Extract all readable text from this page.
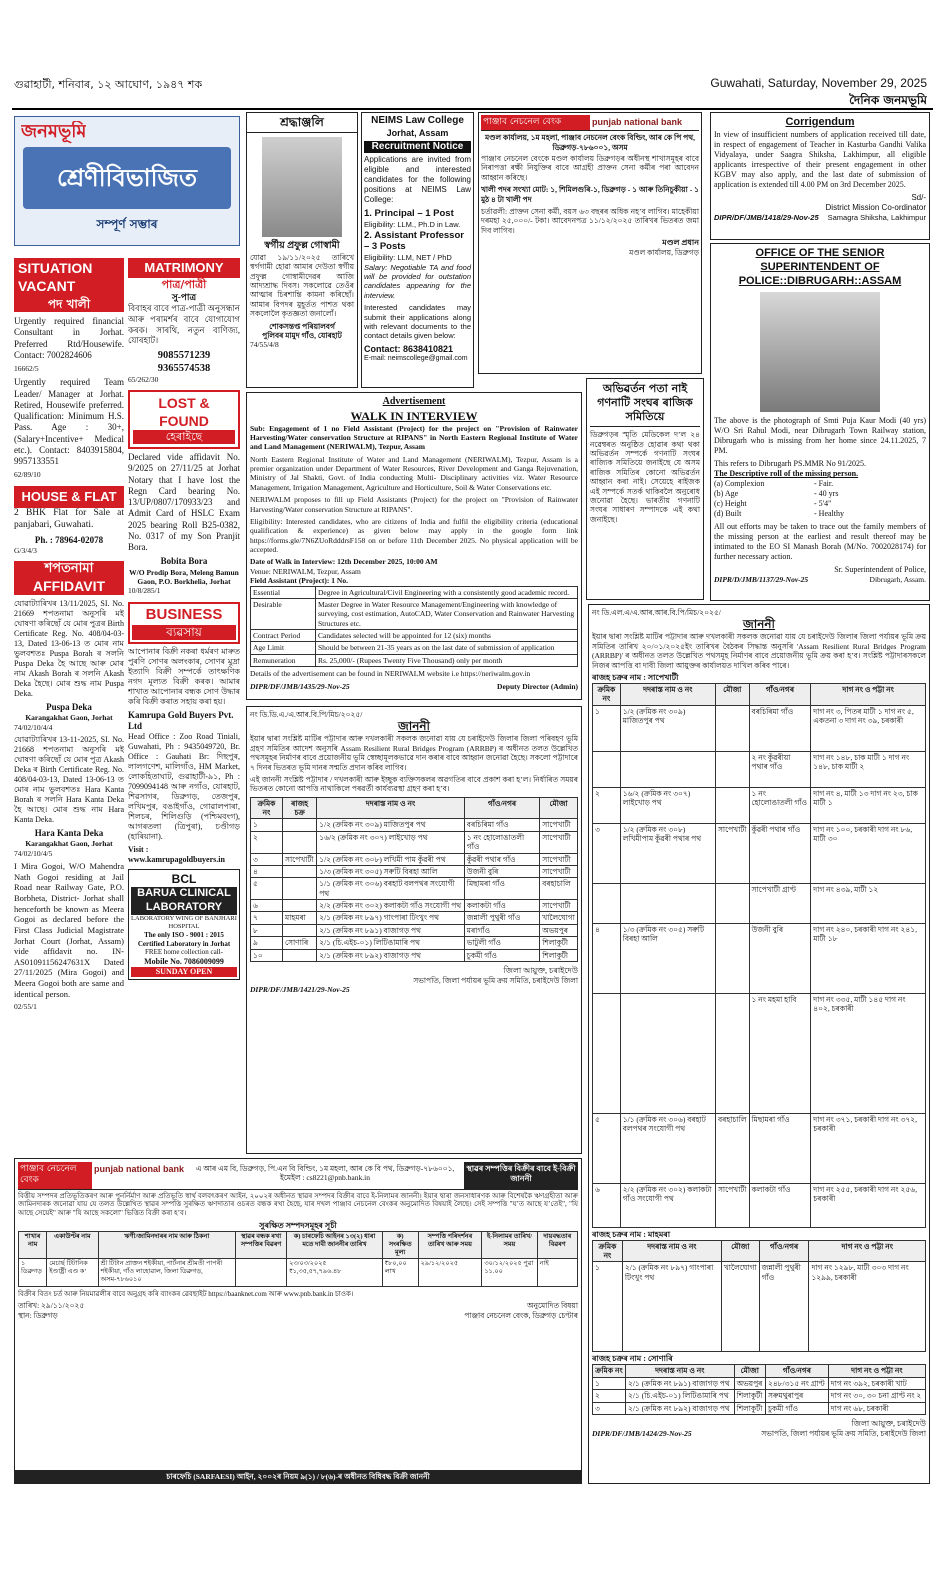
গুৱাহাটী, শনিবাৰ, ১২ আঘোণ, ১৯৪৭ শক	Guwahati, Saturday, November 29, 2025
দৈনিক জনমভূমি
জনমভূমি
শ্ৰেণীবিভাজিত
সম্পূৰ্ণ সম্ভাৰ
SITUATION VACANT
পদ খালী

Urgently required financial Consultant in Jorhat. Preferred Rtd/Housewife. Contact: 7002824606

16662/5

Urgently required Team Leader/ Manager at Jorhat. Retired, Housewife preferred. Qualification: Minimum H.S. Pass. Age : 30+, (Salary+Incentive+ Medical etc.). Contact: 8403915804, 9957133551

62/89/10
HOUSE & FLAT

2 BHK Flat for Sale at panjabari, Guwahati.

Ph. : 78964-02078
G/3/4/3
শপতনামা
AFFIDAVIT

যোৱাট্যাৰিখৰ 13/11/2025, SI. No. 21669 শপতনামা অনুসৰি মই ঘোষণা কৰিছোঁ যে মোৰ পুত্ৰৰ Birth Certificate Reg. No. 408/04-03-13, Dated 13-06-13 ত মোৰ নাম ভুলবশতঃ Puspa Borah ৰ সলনি Puspa Deka হৈ আছে আৰু মোৰ নাম Akash Borah ৰ সলনি Akash Deka হৈছে। মোৰ শুদ্ধ নাম Puspa Deka.

Puspa Deka
Karangakhat Gaon, Jorhat
74/02/10/4/4

যোৱাট্যাৰিখৰ 13-11-2025, SI. No. 21668 শপতনামা অনুসৰি মই ঘোষণা কৰিছোঁ যে মোৰ পুত্ৰ Akash Deka ৰ Birth Certificate Reg. No. 408/04-03-13, Dated 13-06-13 ত মোৰ নাম ভুলবশতঃ Hara Kanta Borah ৰ সলনি Hara Kanta Deka হৈ আছে। মোৰ শুদ্ধ নাম Hara Kanta Deka.

Hara Kanta Deka
Karangakhat Gaon, Jorhat
74/02/10/4/5

I Mira Gogoi, W/O Mahendra Nath Gogoi residing at Jail Road near Railway Gate, P.O. Borbheta, District- Jorhat shall henceforth be known as Meera Gogoi as declared before the First Class Judicial Magistrate Jorhat Court (Jorhat, Assam) vide affidavit no. IN-AS01091156247631X Dated 27/11/2025 (Mira Gogoi) and Meera Gogoi both are same and identical person.

02/55/1
MATRIMONY
পাত্ৰ/পাত্ৰী
সু-পাত্ৰ

বিবাহৰ বাবে পাত্ৰ-পাত্ৰী অনুসন্ধান আৰু পৰামৰ্শৰ বাবে যোগাযোগ কৰক। সাৰথি, নতুন বাণিজ্য, যোৰহাট।

9085571239
9365574538
65/262/30
LOST & FOUND
হেৰাইছে

Declared vide affidavit No. 9/2025 on 27/11/25 at Jorhat Notary that I have lost the Regn Card bearing No. 13/UP/0807/170933/23 and Admit Card of HSLC Exam 2025 bearing Roll B25-0382, No. 0317 of my Son Pranjit Bora.

Bobita Bora
W/O Prodip Bora, Meleng Bamun Gaon, P.O. Borkhelia, Jorhat
10/8/285/1
BUSINESS
ব্যৱসায়

আপোনাৰ বিক্ৰী নকৰা ধৰ্মৰণ মাৰুত পুৰণি সোণৰ অলংকাৰ, সোণৰ মুদ্ৰা ইত্যাদি বিক্ৰী সম্পৰ্কে তাৎক্ষণিক নগদ মূল্যত বিক্ৰী কৰক। আমাৰ শাখাত আপোনাৰ বন্ধক সোণ উদ্ধাৰ কৰি বিক্ৰী কৰাত সহায় কৰা হয়।

Kamrupa Gold Buyers Pvt. Ltd

Head Office : Zoo Road Tiniali, Guwahati, Ph : 9435049720, Br. Office : Gauhati Br: দিছপুৰ, লালগণেশ, মালিগাঁও, HM Market, লোকহিতাঘাট, গুৱাহাটী-৯১, Ph : 7099094148 আৰু নগাঁও, যোৰহাট, শিৱসাগৰ, ডিব্ৰুগড়, তেজপুৰ, লখিমপুৰ, বঙাইগাঁও, গোৱালপাৰা, শিলচৰ, শিলিগুড়ি (পশ্চিমবংগ), আগৰতলা (ত্ৰিপুৰা), চণ্ডীগড় (হাৰিয়ানা).

Visit : www.kamrupagoldbuyers.in
BCL
BARUA CLINICAL LABORATORY
LABORATORY WING OF BANJHARI HOSPITAL
The only ISO - 9001 : 2015 Certified Laboratory in Jorhat
FREE home collection call-
Mobile No. 7086009099
SUNDAY OPEN
শ্ৰদ্ধাঞ্জলি
স্বৰ্গীয় প্ৰফুল্ল গোস্বামী

যোৱা ১৯/১১/২০২৫ তাৰিখে স্বৰ্গগামী হোৱা আমাৰ দেউতা স্বৰ্গীয় প্ৰফুল্ল গোস্বামীদেৱৰ আজি আদ্যশ্ৰাদ্ধ দিবস। সকলোৱে তেওঁৰ আত্মাৰ চিৰশান্তি কামনা কৰিছোঁ। আমাৰ বিপদৰ মুহূৰ্তত পাশত থকা সকলোলৈ কৃতজ্ঞতা জনালোঁ।

শোকসন্তপ্ত পৰিয়ালবৰ্গ
পুলিবৰ মামুদ গাঁও, যোৰহাট
74/55/4/8
NEIMS Law College
Jorhat, Assam
Recruitment Notice

Applications are invited from eligible and interested candidates for the following positions at NEIMS Law College:

1. Principal – 1 Post
Eligibility: LLM., Ph.D in Law.
2. Assistant Professor – 3 Posts
Eligibility: LLM, NET / PhD

Salary: Negotiable TA and food will be provided for outstation candidates appearing for the interview.

Interested candidates may submit their applications along with relevant documents to the contact details given below:

Contact: 8638410821
E-mail: neimscollege@gmail.com
পাঞ্জাব নেচনেল বেংক	punjab national bank
মণ্ডল কাৰ্যালয়, ১ম মহলা, পাঞ্জাব নেচনেল বেংক বিল্ডিং, আৰ কে পি পথ, ডিব্ৰুগড়-৭৮৬০০১, অসম

পাঞ্জাব নেচনেল বেংকে মণ্ডল কাৰ্যালয় ডিব্ৰুগড়ৰ অধীনস্থ শাখাসমূহৰ বাবে নিৰাপত্তা ৰক্ষী নিযুক্তিৰ বাবে আগ্ৰহী প্ৰাক্তন সেনা কৰ্মীৰ পৰা আবেদন আহ্বান কৰিছে।

খালী পদৰ সংখ্যা মোট: ১, শিমিলগুৰি-১, ডিব্ৰুগড় - ১ আৰু তিনিচুকীয়া - ১ মুঠ ৪ টা খালী পদ

চৰ্তাৱলী: প্ৰাক্তন সেনা কৰ্মী, বয়স ৬৩ বছৰৰ অধিক নহ’ব লাগিব। মাহেকীয়া দৰমহা ২৫,০০০/- টকা। আবেদনপত্ৰ ১১/১২/২০২৫ তাৰিখৰ ভিতৰত জমা দিব লাগিব।

মণ্ডল প্ৰধান
মণ্ডল কাৰ্যালয়, ডিব্ৰুগড়
Corrigendum

In view of insufficient numbers of application received till date, in respect of engagement of Teacher in Kasturba Gandhi Valika Vidyalaya, under Saagra Shiksha, Lakhimpur, all eligible applicants irrespective of their present engagement in other KGBV may also apply, and the last date of submission of application is extended till 4.00 PM on 3rd December 2025.

Sd/-
District Mission Co-ordinator
DIPR/DF/JMB/1418/29-Nov-25 Samagra Shiksha, Lakhimpur
OFFICE OF THE SENIOR SUPERINTENDENT OF POLICE::DIBRUGARH::ASSAM

The above is the photograph of Smti Puja Kaur Modi (40 yrs) W/O Sri Rahul Modi, near Dibrugarh Town Railway station, Dibrugarh who is missing from her home since 24.11.2025, 7 PM.

This refers to Dibrugarh PS.MMR No 91/2025.
The Descriptive roll of the missing person.
(a) Complexion	- Fair.
(b) Age	- 40 yrs
(c) Height	- 5'4"
(d) Built	- Healthy

All out efforts may be taken to trace out the family members of the missing person at the earliest and result thereof may be intimated to the EO SI Manash Borah (M/No. 7002028174) for further necessary action.

Sr. Superintendent of Police,
DIPR/D/JMB/1137/29-Nov-25	Dibrugarh, Assam.
অভিৱৰ্তন পতা নাই গণনাটি সংঘৰ ৰাজিক সমিতিয়ে

ডিব্ৰুগড়ৰ স্মৃতি মেডিকেল দ’ল ২৪ নৱেম্বৰত অনুষ্ঠিত হোৱাৰ কথা থকা অভিৱৰ্তন সম্পৰ্কে গণনাটি সংঘৰ ৰাজ্যিক সমিতিয়ে জনাইছে যে অসম ৰাজিক সমিতিৰ কোনো অভিৱৰ্তন আহ্বান কৰা নাই। সেয়েহে ৰাইজক এই সম্পৰ্কে সতৰ্ক থাকিবলৈ অনুৰোধ জনোৱা হৈছে। ভাৰতীয় গণনাটি সংঘৰ সাধাৰণ সম্পাদকে এই কথা জনাইছে।

Advertisement
WALK IN INTERVIEW

Sub: Engagement of 1 no Field Assistant (Project) for the project on "Provision of Rainwater Harvesting/Water conservation Structure at RIPANS" in North Eastern Regional Institute of Water and Land Management (NERIWALM), Tezpur, Assam

North Eastern Regional Institute of Water and Land Management (NERIWALM), Tezpur, Assam is a premier organization under Department of Water Resources, River Development and Ganga Rejuvenation, Ministry of Jal Shakti, Govt. of India conducting Multi- Disciplinary activities viz. Water Resource Management, Irrigation Management, Agriculture and Horticulture, Soil & Water Conservations etc.

NERIWALM proposes to fill up Field Assistants (Project) for the project on "Provision of Rainwater Harvesting/Water conservation Structure at RIPANS".

Eligibility: Interested candidates, who are citizens of India and fulfil the eligibility criteria (educational qualification & experience) as given below may apply in the google form link https://forms.gle/7N6ZUoRdddrsF158 on or before 11th December 2025. No physical application will be accepted.

Date of Walk in Interview: 12th December 2025, 10:00 AM
Venue: NERIWALM, Tezpur, Assam
Field Assistant (Project): 1 No.
Essential	Degree in Agricultural/Civil Engineering with a consistently good academic record.
Desirable	Master Degree in Water Resource Management/Engineering with knowledge of surveying, cost estimation, AutoCAD, Water Conservation and Rainwater Harvesting Structures etc.
Contract Period	Candidates selected will be appointed for 12 (six) months
Age Limit	Should be between 21-35 years as on the last date of submission of application
Remuneration	Rs. 25,000/- (Rupees Twenty Five Thousand) only per month

Details of the advertisement can be found in NERIWALM website i.e https://neriwalm.gov.in

DIPR/DF/JMB/1435/29-Nov-25	Deputy Director (Admin)
নং ডি.ডি.এ./এ.আৰ.বি.পি/মিচ/২০২৫/
জাননী

ইয়াৰ দ্বাৰা সংশ্লিষ্ট মাটিৰ পট্টাদাৰ আৰু দখলকাৰী সকলক জনোৱা যায় যে চৰাইদেউ জিলাৰ জিলা পৰিবহণ ভূমি গ্ৰহণ সমিতিৰ আদেশ অনুসৰি Assam Resilient Rural Bridges Program (ARRBP) ৰ অধীনত তলত উল্লেখিত পথসমূহৰ নিৰ্মাণৰ বাবে প্ৰয়োজনীয় ভূমি স্বেচ্ছামূলকভাৱে দান কৰাৰ বাবে আহ্বান জনোৱা হৈছে। সকলো পট্টাদাৰে ৭ দিনৰ ভিতৰত ভূমি দানৰ সন্মতি প্ৰদান কৰিব লাগিব।

এই জাননী সংশ্লিষ্ট পট্টাদাৰ / দখলকাৰী আৰু ইচ্ছুক ব্যক্তিসকলৰ অৱগতিৰ বাবে প্ৰকাশ কৰা হ’ল। নিৰ্ধাৰিত সময়ৰ ভিতৰত কোনো আপত্তি নাথাকিলে পৰৱৰ্তী কাৰ্যব্যৱস্থা গ্ৰহণ কৰা হ’ব।

ক্ৰমিক নং	ৰাজহ চক্ৰ	দদৰাস্ত নাম ও নং	গাঁও/নগৰ	মৌজা
১		১/২ (ক্ৰমিক নং ৩০৯) মাজিতপুৰ পথ	বৰচিৰিমা গাঁও	সাপেখাটী
২		১৬/২ (ক্ৰমিক নং ৩০৭) লাইখোড় পথ	১ নং হোলোঙাতলী গাঁও	সাপেখাটী
৩	সাপেখাটী	১/২ (ক্ৰমিক নং ৩০৮) লখিমী পাম কুঁৱৰী পথ	কুঁৱৰী পথাৰ গাঁও	সাপেখাটী
৪		১/৩ (ক্ৰমিক নং ৩০৫) সৰুটি বিৰহা আলি	উজনী বুৰি	সাপেখাটী
৫		১/১ (ক্ৰমিক নং ৩০৬) বৰহাট বলপথৰ সংযোগী পথ	মিছামৰা গাঁও	বৰহাচালি
৬		২/২ (ক্ৰমিক নং ৩০২) কলাকটা গাঁও সংযোগী পথ	কলাকটা গাঁও	সাপেখাটী
৭	মাহমৰা	২/১ (ক্ৰমিক নং ৮৯৭) গাংপাৰা টিংখুং পথ	জন্নালী পুথুৰী গাঁও	খালৈঘোগা
৮		২/১ (ক্ৰমিক নং ৮৯১) বাজাগড় পথ	মৰাগাঁও	অভয়পুৰ
৯	সোণাৰি	২/১ (চি.এইচ-০১) লিটিঙামাৰি পথ	ভাটুলী গাঁও	শিলাকুটী
১০		২/১ (ক্ৰমিক নং ৮৯২) বাজাগড় পথ	চুকমী গাঁও	শিলাকুটী
জিলা আয়ুক্ত, চৰাইদেউ
সভাপতি, জিলা পৰ্যায়ৰ ভূমি ক্ৰয় সমিতি, চৰাইদেউ জিলা
DIPR/DF/JMB/1421/29-Nov-25
নং ডি.এল.এ/এ.আৰ.আৰ.বি.পি/মিচ/২০২৫/
জাননী

ইয়াৰ দ্বাৰা সংশ্লিষ্ট মাটিৰ পট্টাদাৰ আৰু দখলকাৰী সকলক জনোৱা যায় যে চৰাইদেউ জিলাৰ জিলা পৰ্যায়ৰ ভূমি ক্ৰয় সমিতিৰ তাৰিখ ২০/০১/২০২৫ইং তাৰিখৰ বৈঠকৰ সিদ্ধান্ত অনুসৰি 'Assam Resilient Rural Bridges Program (ARRBP)' ৰ অধীনত তলত উল্লেখিত পথসমূহ নিৰ্মাণৰ বাবে প্ৰয়োজনীয় ভূমি ক্ৰয় কৰা হ’ব। সংশ্লিষ্ট পট্টাদাৰসকলে নিজৰ আপত্তি বা দাবী জিলা আয়ুক্তৰ কাৰ্যালয়ত দাখিল কৰিব পাৰে।

ৰাজহ চক্ৰৰ নাম : সাপেখাটী
ক্ৰমিক নং	দদৰাস্ত নাম ও নং	মৌজা	গাঁও/নগৰ	দাগ নং ও পট্টা নং
১	১/২ (ক্ৰমিক নং ৩০৯) মাজিতপুৰ পথ		বৰচিৰিমা গাঁও	দাগ নং ৩, পিতৰ মাটী ১ দাগ নং ৫, একতনা ৩ দাগ নং ৩৯, চৰকাৰী
			২ নং কুঁৱৰীয়া পথাৰ গাঁও	দাগ নং ১৪৮, চাক মাটী ১ দাগ নং ১৪৮, চাক মাটী ২
২	১৬/২ (ক্ৰমিক নং ৩০৭) লাইখোড় পথ		১ নং হোলোঙাতলী গাঁও	দাগ নং ৪, মাটী ১৩ দাগ নং ২৩, চাক মাটী ১
৩	১/২ (ক্ৰমিক নং ৩০৮) লখিমীপাম কুঁৱৰী পথাৰ পথ	সাপেখাটী	কুঁৱৰী পথাৰ গাঁও	দাগ নং ১০০, চৰকাৰী দাগ নং ৮৬, মাটী ৩০
			সাপেখাটী গ্ৰাণ্ট	দাগ নং ৪৩৯, মাটী ১২
৪	১/৩ (ক্ৰমিক নং ৩০৫) সৰুটি বিৰহা আলি		উজনী বুৰি	দাগ নং ২৪০, চৰকাৰী দাগ নং ২৪১, মাটী ১৮
			১ নং মহমা হাবি	দাগ নং ৩৩৫, মাটী ১৪৫ দাগ নং ৪০২, চৰকাৰী
৫	১/১ (ক্ৰমিক নং ৩০৬) বৰহাট বলপথৰ সংযোগী পথ	বৰহাচালি	মিছামৰা গাঁও	দাগ নং ৩৭১, চৰকাৰী দাগ নং ৩৭২, চৰকাৰী
৬	২/২ (ক্ৰমিক নং ৩০২) কলাকটা গাঁও সংযোগী পথ	সাপেখাটী	কলাকটা গাঁও	দাগ নং ২৫৫, চৰকাৰী দাগ নং ২৫৬, চৰকাৰী
ৰাজহ চক্ৰৰ নাম : মাহমৰা
ক্ৰমিক নং	দদৰাস্ত নাম ও নং	মৌজা	গাঁও/নগৰ	দাগ নং ও পট্টা নং
১	২/১ (ক্ৰমিক নং ৮৯৭) গাংপাৰা টিংখুং পথ	খালৈঘোগা	জন্নালী পুথুৰী গাঁও	দাগ নং ১২৯৮, মাটী ৩০৩ দাগ নং ১২৯৯, চৰকাৰী
ৰাজহ চক্ৰৰ নাম : সোণাৰি
ক্ৰমিক নং	দদৰাস্ত নাম ও নং	মৌজা	গাঁও/নগৰ	দাগ নং ও পট্টা নং
১	২/১ (ক্ৰমিক নং ৮৯১) বাজাগড় পথ	অভয়পুৰ	২৪৮/৩১৫ নং গ্ৰাণ্ট	দাগ নং ৩৯২, চৰকাৰী খাট
২	২/১ (চি.এইচ-০১) লিটিঙামাৰি পথ	শিলাকুটী	সৰুমথুৰাপুৰ	দাগ নং ৩০, ৩০ চনা গ্ৰাণ্ট নং ২
৩	২/১ (ক্ৰমিক নং ৮৯২) বাজাগড় পথ	শিলাকুটী	চুকমী গাঁও	দাগ নং ৬৮, চৰকাৰী
জিলা আয়ুক্ত, চৰাইদেউ
DIPR/DF/JMB/1424/29-Nov-25	সভাপতি, জিলা পৰ্যায়ৰ ভূমি ক্ৰয় সমিতি, চৰাইদেউ জিলা
পাঞ্জাব নেচনেল বেংক
punjab national bank	এ আৰ এম বি, ডিব্ৰুগড়, পি.এন বি বিল্ডিং, ১ম মহলা, আৰ কে বি পথ, ডিব্ৰুগড়-৭৮৬০০১, ইমেইল : cs8221@pnb.bank.in
স্থাৱৰ সম্পত্তিৰ বিক্ৰীৰ বাবে ই-বিক্ৰী জাননী

বিত্তীয় সম্পদৰ প্ৰতিভূতিকৰণ আৰু পুনৰ্নিৰ্মাণ আৰু প্ৰতিভূতি স্বাৰ্থ বলবৎকৰণ আইন, ২০০২ৰ অধীনত স্থাৱৰ সম্পদৰ বিক্ৰীৰ বাবে ই-নিলামৰ জাননী। ইয়াৰ দ্বাৰা জনসাধাৰণক আৰু বিশেষকৈ ঋণগ্ৰহীতা আৰু জামিনদাৰক জনোৱা যায় যে তলত উল্লেখিত স্থাৱৰ সম্পত্তি সুৰক্ষিত ঋণদাতাৰ ওচৰত বন্ধক ৰখা হৈছে, যাৰ দখল পাঞ্জাব নেচনেল বেংকৰ অনুমোদিত বিষয়াই লৈছে। সেই সম্পত্তি "য’ত আছে য’তেই", "যি আছে সেয়েই" আৰু "যি আছে সকলো" ভিত্তিত বিক্ৰী কৰা হ’ব।

সুৰক্ষিত সম্পদসমূহৰ সূচী
শাখাৰ নাম	একাউণ্টৰ নাম	ঋণী/জামিনদাৰৰ নাম আৰু ঠিকনা	স্থাৱৰ বন্ধক ৰখা সম্পত্তিৰ বিৱৰণ	ক) চাৰফেচি আইনৰ ১৩(২) ধাৰা মতে দাবী জাননীৰ তাৰিখ	ক) সংৰক্ষিত মূল্য	সম্পত্তি পৰিদৰ্শনৰ তাৰিখ আৰু সময়	ই-নিলামৰ তাৰিখ/সময়	দায়বদ্ধতাৰ বিৱৰণ
১ ডিব্ৰুগড়	মেচাৰ্ছ টিটানিক ইণ্ডাষ্ট্ৰী এণ্ড ক’	শ্ৰী টিটান প্ৰাক্তন শইকীয়া, পাৰ্টনাৰ শ্ৰীমতী পাপৰী শইকীয়া, গাঁও লাহোৱাল, জিলা ডিব্ৰুগড়, অসম-৭৮৬০১০		২৩/০৩/২০২৫ ₹১,৩৫,৫৭,৭৯৬.৪৮	₹৮০,০০ লাখ	২৯/১২/২০২৫	৩০/১২/২০২৫ পুৱা ১১.০০	নাই

বিক্ৰীৰ বিতং চৰ্ত আৰু নিয়মাৱলীৰ বাবে অনুগ্ৰহ কৰি ব্যাংকৰ ৱেবছাইট https://baanknet.com আৰু www.pnb.bank.in চাওক।

তাৰিখ: ২৯/১১/২০২৫
স্থান: ডিব্ৰুগড়
অনুমোদিত বিষয়া
পাঞ্জাব নেচনেল বেংক, ডিব্ৰুগড় চেণ্টাৰ
চাৰফেচি (SARFAESI) আইন, ২০০২ৰ নিয়ম ৯(১) / ৮(৬)-ৰ অধীনত বিধিবদ্ধ বিক্ৰী জাননী
